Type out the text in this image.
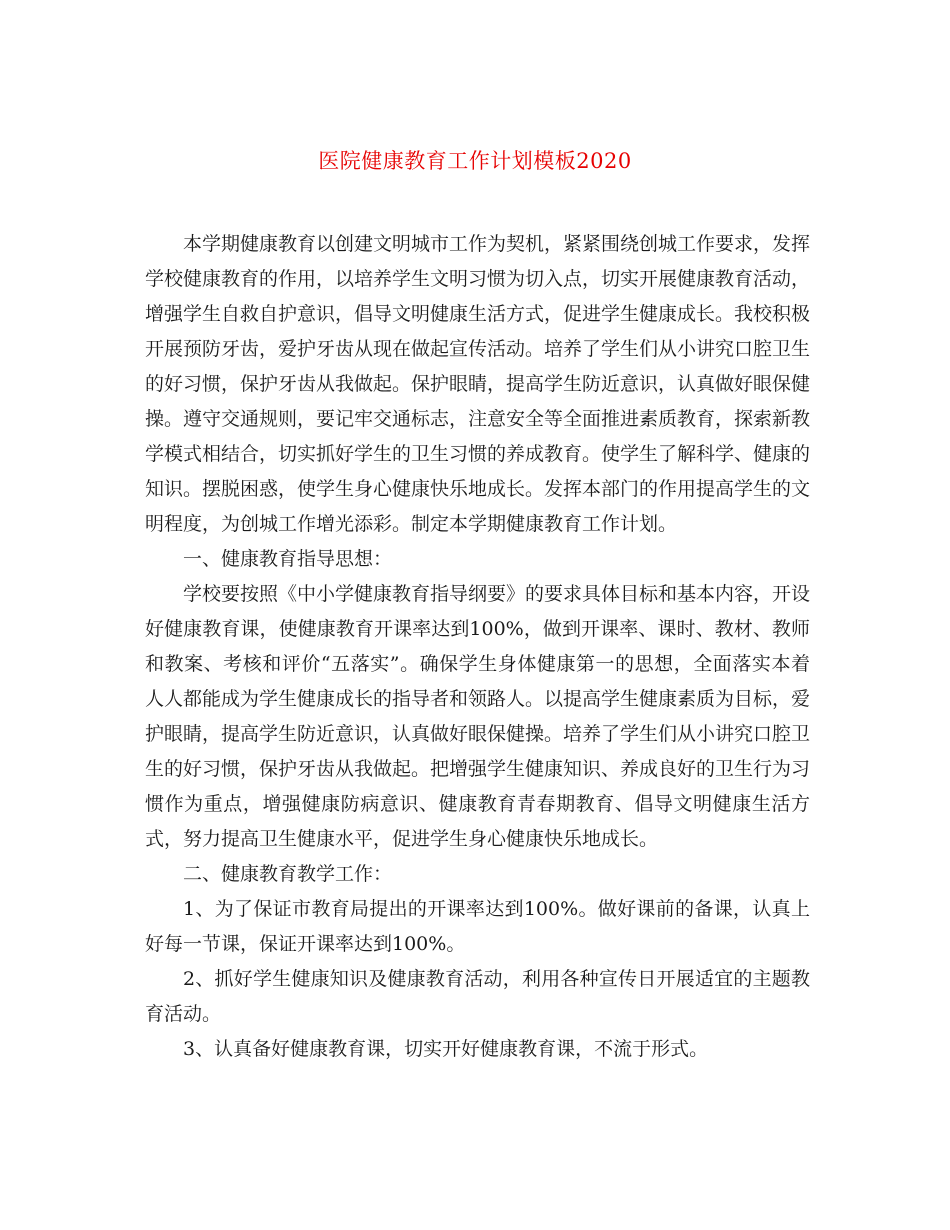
医院健康教育工作计划模板2020

本学期健康教育以创建文明城市工作为契机，紧紧围绕创城工作要求，发挥学校健康教育的作用，以培养学生文明习惯为切入点，切实开展健康教育活动，增强学生自救自护意识，倡导文明健康生活方式，促进学生健康成长。我校积极开展预防牙齿，爱护牙齿从现在做起宣传活动。培养了学生们从小讲究口腔卫生的好习惯，保护牙齿从我做起。保护眼睛，提高学生防近意识，认真做好眼保健操。遵守交通规则，要记牢交通标志，注意安全等全面推进素质教育，探索新教学模式相结合，切实抓好学生的卫生习惯的养成教育。使学生了解科学、健康的知识。摆脱困惑，使学生身心健康快乐地成长。发挥本部门的作用提高学生的文明程度，为创城工作增光添彩。制定本学期健康教育工作计划。

一、健康教育指导思想：

学校要按照《中小学健康教育指导纲要》的要求具体目标和基本内容，开设好健康教育课，使健康教育开课率达到100%，做到开课率、课时、教材、教师和教案、考核和评价“五落实”。确保学生身体健康第一的思想，全面落实本着人人都能成为学生健康成长的指导者和领路人。以提高学生健康素质为目标，爱护眼睛，提高学生防近意识，认真做好眼保健操。培养了学生们从小讲究口腔卫生的好习惯，保护牙齿从我做起。把增强学生健康知识、养成良好的卫生行为习惯作为重点，增强健康防病意识、健康教育青春期教育、倡导文明健康生活方式，努力提高卫生健康水平，促进学生身心健康快乐地成长。

二、健康教育教学工作：

1、为了保证市教育局提出的开课率达到100%。做好课前的备课，认真上好每一节课，保证开课率达到100%。

2、抓好学生健康知识及健康教育活动，利用各种宣传日开展适宜的主题教育活动。

3、认真备好健康教育课，切实开好健康教育课，不流于形式。
